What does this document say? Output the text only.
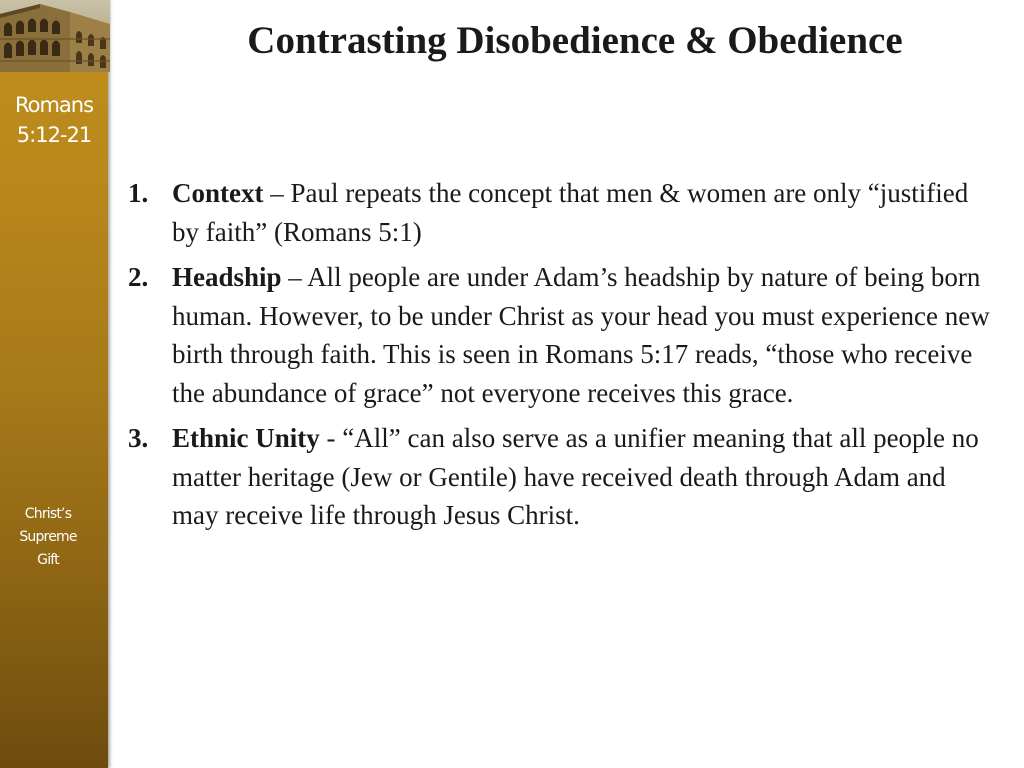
Romans
5:12-21
Christ’s
Supreme
Gift
Contrasting Disobedience & Obedience
1. Context – Paul repeats the concept that men & women are only “justified by faith” (Romans 5:1)
2. Headship – All people are under Adam’s headship by nature of being born human. However, to be under Christ as your head you must experience new birth through faith. This is seen in Romans 5:17 reads, “those who receive the abundance of grace” not everyone receives this grace.
3. Ethnic Unity - “All” can also serve as a unifier meaning that all people no matter heritage (Jew or Gentile) have received death through Adam and may receive life through Jesus Christ.
